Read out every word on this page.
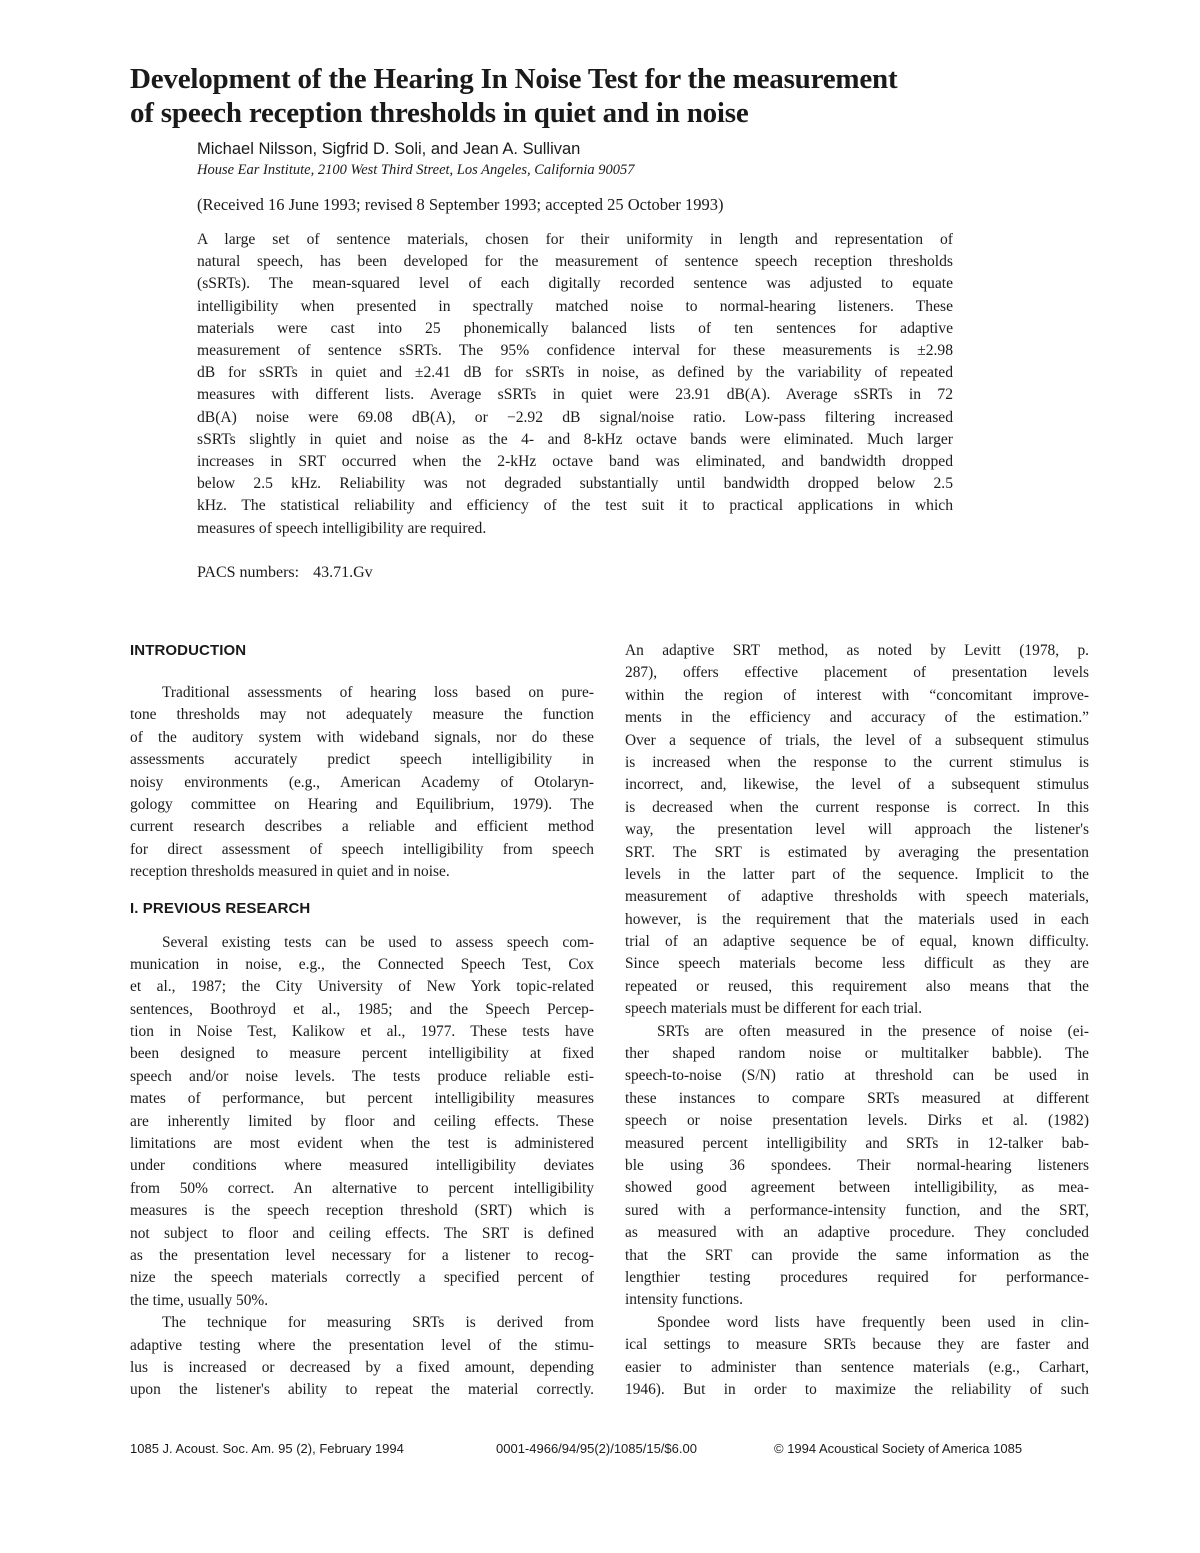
Development of the Hearing In Noise Test for the measurement
of speech reception thresholds in quiet and in noise
Michael Nilsson, Sigfrid D. Soli, and Jean A. Sullivan
House Ear Institute, 2100 West Third Street, Los Angeles, California 90057
(Received 16 June 1993; revised 8 September 1993; accepted 25 October 1993)
A large set of sentence materials, chosen for their uniformity in length and representation of
natural speech, has been developed for the measurement of sentence speech reception thresholds
(sSRTs). The mean-squared level of each digitally recorded sentence was adjusted to equate
intelligibility when presented in spectrally matched noise to normal-hearing listeners. These
materials were cast into 25 phonemically balanced lists of ten sentences for adaptive
measurement of sentence sSRTs. The 95% confidence interval for these measurements is ±2.98
dB for sSRTs in quiet and ±2.41 dB for sSRTs in noise, as defined by the variability of repeated
measures with different lists. Average sSRTs in quiet were 23.91 dB(A). Average sSRTs in 72
dB(A) noise were 69.08 dB(A), or −2.92 dB signal/noise ratio. Low-pass filtering increased
sSRTs slightly in quiet and noise as the 4- and 8-kHz octave bands were eliminated. Much larger
increases in SRT occurred when the 2-kHz octave band was eliminated, and bandwidth dropped
below 2.5 kHz. Reliability was not degraded substantially until bandwidth dropped below 2.5
kHz. The statistical reliability and efficiency of the test suit it to practical applications in which
measures of speech intelligibility are required.
PACS numbers: 43.71.Gv
INTRODUCTION
Traditional assessments of hearing loss based on pure-
tone thresholds may not adequately measure the function
of the auditory system with wideband signals, nor do these
assessments accurately predict speech intelligibility in
noisy environments (e.g., American Academy of Otolaryn-
gology committee on Hearing and Equilibrium, 1979). The
current research describes a reliable and efficient method
for direct assessment of speech intelligibility from speech
reception thresholds measured in quiet and in noise.
I. PREVIOUS RESEARCH
Several existing tests can be used to assess speech com-
munication in noise, e.g., the Connected Speech Test, Cox
et al., 1987; the City University of New York topic-related
sentences, Boothroyd et al., 1985; and the Speech Percep-
tion in Noise Test, Kalikow et al., 1977. These tests have
been designed to measure percent intelligibility at fixed
speech and/or noise levels. The tests produce reliable esti-
mates of performance, but percent intelligibility measures
are inherently limited by floor and ceiling effects. These
limitations are most evident when the test is administered
under conditions where measured intelligibility deviates
from 50% correct. An alternative to percent intelligibility
measures is the speech reception threshold (SRT) which is
not subject to floor and ceiling effects. The SRT is defined
as the presentation level necessary for a listener to recog-
nize the speech materials correctly a specified percent of
the time, usually 50%.
The technique for measuring SRTs is derived from
adaptive testing where the presentation level of the stimu-
lus is increased or decreased by a fixed amount, depending
upon the listener's ability to repeat the material correctly.
An adaptive SRT method, as noted by Levitt (1978, p.
287), offers effective placement of presentation levels
within the region of interest with “concomitant improve-
ments in the efficiency and accuracy of the estimation.”
Over a sequence of trials, the level of a subsequent stimulus
is increased when the response to the current stimulus is
incorrect, and, likewise, the level of a subsequent stimulus
is decreased when the current response is correct. In this
way, the presentation level will approach the listener's
SRT. The SRT is estimated by averaging the presentation
levels in the latter part of the sequence. Implicit to the
measurement of adaptive thresholds with speech materials,
however, is the requirement that the materials used in each
trial of an adaptive sequence be of equal, known difficulty.
Since speech materials become less difficult as they are
repeated or reused, this requirement also means that the
speech materials must be different for each trial.
SRTs are often measured in the presence of noise (ei-
ther shaped random noise or multitalker babble). The
speech-to-noise (S/N) ratio at threshold can be used in
these instances to compare SRTs measured at different
speech or noise presentation levels. Dirks et al. (1982)
measured percent intelligibility and SRTs in 12-talker bab-
ble using 36 spondees. Their normal-hearing listeners
showed good agreement between intelligibility, as mea-
sured with a performance-intensity function, and the SRT,
as measured with an adaptive procedure. They concluded
that the SRT can provide the same information as the
lengthier testing procedures required for performance-
intensity functions.
Spondee word lists have frequently been used in clin-
ical settings to measure SRTs because they are faster and
easier to administer than sentence materials (e.g., Carhart,
1946). But in order to maximize the reliability of such
1085 J. Acoust. Soc. Am. 95 (2), February 1994	0001-4966/94/95(2)/1085/15/$6.00	© 1994 Acoustical Society of America 1085
